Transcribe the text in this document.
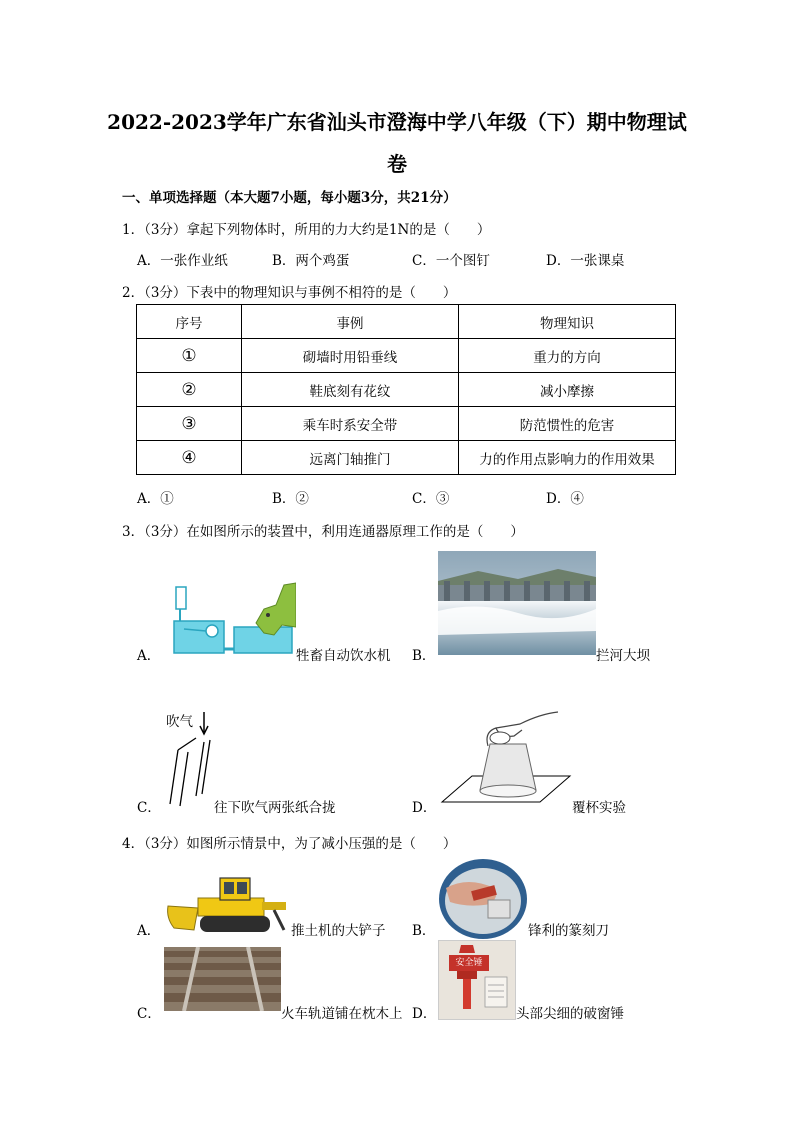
2022-2023学年广东省汕头市澄海中学八年级（下）期中物理试
卷
一、单项选择题（本大题7小题，每小题3分，共21分）
1．（3分）拿起下列物体时，所用的力大约是1N的是（　　）
A．一张作业纸	B．两个鸡蛋	C．一个图钉	D．一张课桌
2．（3分）下表中的物理知识与事例不相符的是（　　）
序号	事例	物理知识
①	砌墙时用铅垂线	重力的方向
②	鞋底刻有花纹	减小摩擦
③	乘车时系安全带	防范惯性的危害
④	远离门轴推门	力的作用点影响力的作用效果
A．①	B．②	C．③	D．④
3．（3分）在如图所示的装置中，利用连通器原理工作的是（　　）
A．	牲畜自动饮水机 B．	拦河大坝
C．
吹气
往下吹气两张纸合拢	D．	覆杯实验
4．（3分）如图所示情景中，为了减小压强的是（　　）
A．	推土机的大铲子 B．	锋利的篆刻刀
C．	火车轨道铺在枕木上 D．
安全锤
头部尖细的破窗锤
